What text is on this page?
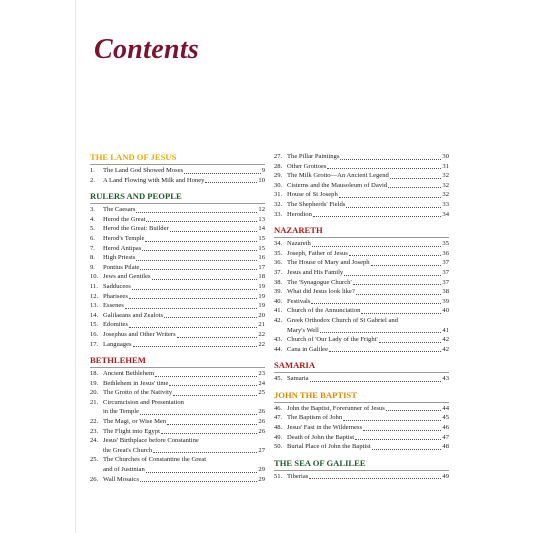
Contents
THE LAND OF JESUS
1.	The Land God Showed Moses	9
2.	A Land Flowing with Milk and Honey	10
RULERS AND PEOPLE
3.	The Caesars	12
4.	Herod the Great	13
5.	Herod the Great: Builder	14
6.	Herod's Temple	15
7.	Herod Antipas	15
8.	High Priests	16
9.	Pontius Pilate	17
10. Jews and Gentiles	18
11. Sadducees	19
12. Pharisees	19
13. Essenes	19
14. Galilaeans and Zealots	20
15. Edomites	21
16. Josephus and Other Writers	22
17. Languages	22
BETHLEHEM
18. Ancient Bethlehem	23
19. Bethlehem in Jesus' time	24
20. The Grotto of the Nativity	25
21. Circumcision and Presentation
in the Temple	26
22. The Magi, or Wise Men	26
23. The Flight into Egypt	26
24. Jesus' Birthplace before Constantine
the Great's Church	27
25. The Churches of Constantine the Great
and of Justinian	29
26. Wall Mosaics	29
27. The Pillar Paintings	30
28. Other Grottoes	31
29. The Milk Grotto—An Ancient Legend	32
30. Cisterns and the Mausoleum of David	32
31. House of St Joseph	32
32. The Shepherds' Fields	33
33. Herodion	34
NAZARETH
34. Nazareth	35
35. Joseph, Father of Jesus	36
36. The House of Mary and Joseph	37
37. Jesus and His Family	37
38. The 'Synagogue Church'	37
39. What did Jesus look like?	38
40. Festivals	39
41. Church of the Annunciation	40
42. Greek Orthodox Church of St Gabriel and
Mary's Well	41
43. Church of 'Our Lady of the Fright'	42
44. Cana in Galilee	42
SAMARIA
45. Samaria	43
JOHN THE BAPTIST
46. John the Baptist, Forerunner of Jesus	44
47. The Baptism of John	45
48. Jesus' Fast in the Wilderness	46
49. Death of John the Baptist	47
50. Burial Place of John the Baptist	48
THE SEA OF GALILEE
51. Tiberias	49
